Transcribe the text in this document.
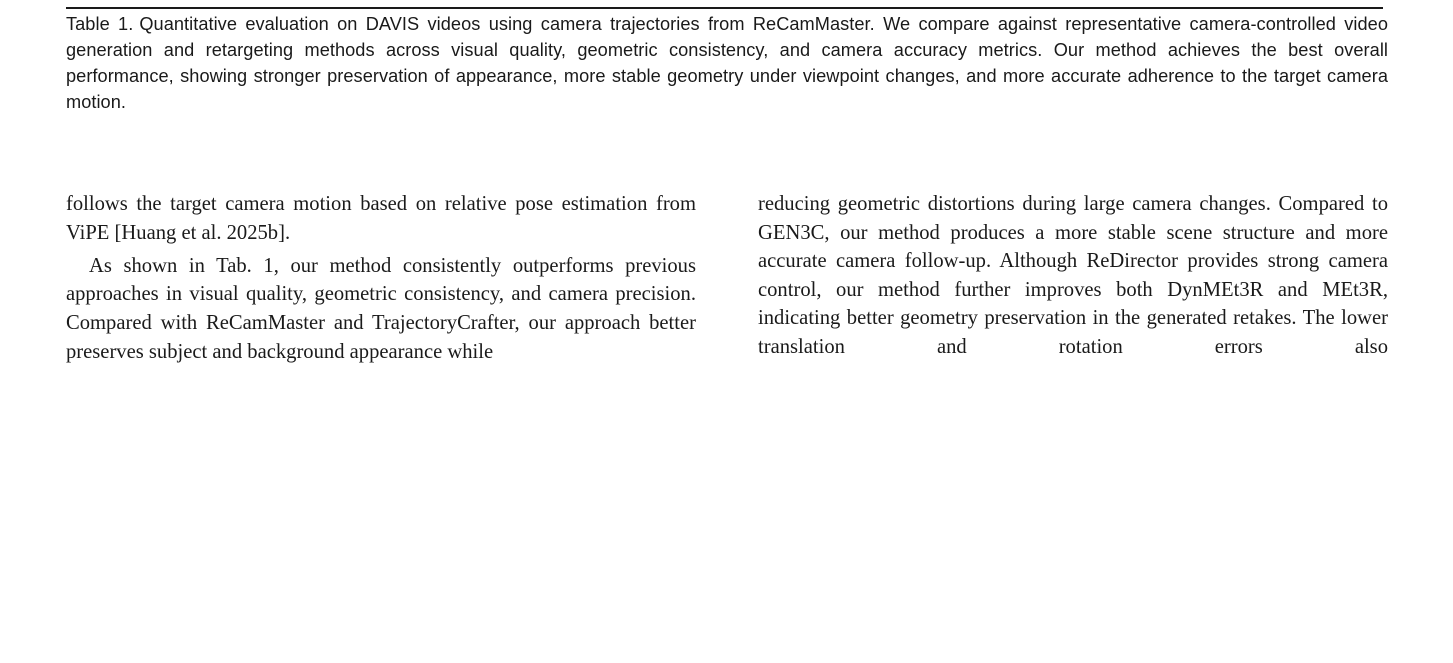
Table 1. Quantitative evaluation on DAVIS videos using camera trajectories from ReCamMaster. We compare against representative camera-controlled video generation and retargeting methods across visual quality, geometric consistency, and camera accuracy metrics. Our method achieves the best overall performance, showing stronger preservation of appearance, more stable geometry under viewpoint changes, and more accurate adherence to the target camera motion.

follows the target camera motion based on relative pose estimation from ViPE [Huang et al. 2025b].

As shown in Tab. 1, our method consistently outperforms previous approaches in visual quality, geometric consistency, and camera precision. Compared with ReCamMaster and TrajectoryCrafter, our approach better preserves subject and background appearance while

reducing geometric distortions during large camera changes. Compared to GEN3C, our method produces a more stable scene structure and more accurate camera follow-up. Although ReDirector provides strong camera control, our method further improves both DynMEt3R and MEt3R, indicating better geometry preservation in the generated retakes. The lower translation and rotation errors also
